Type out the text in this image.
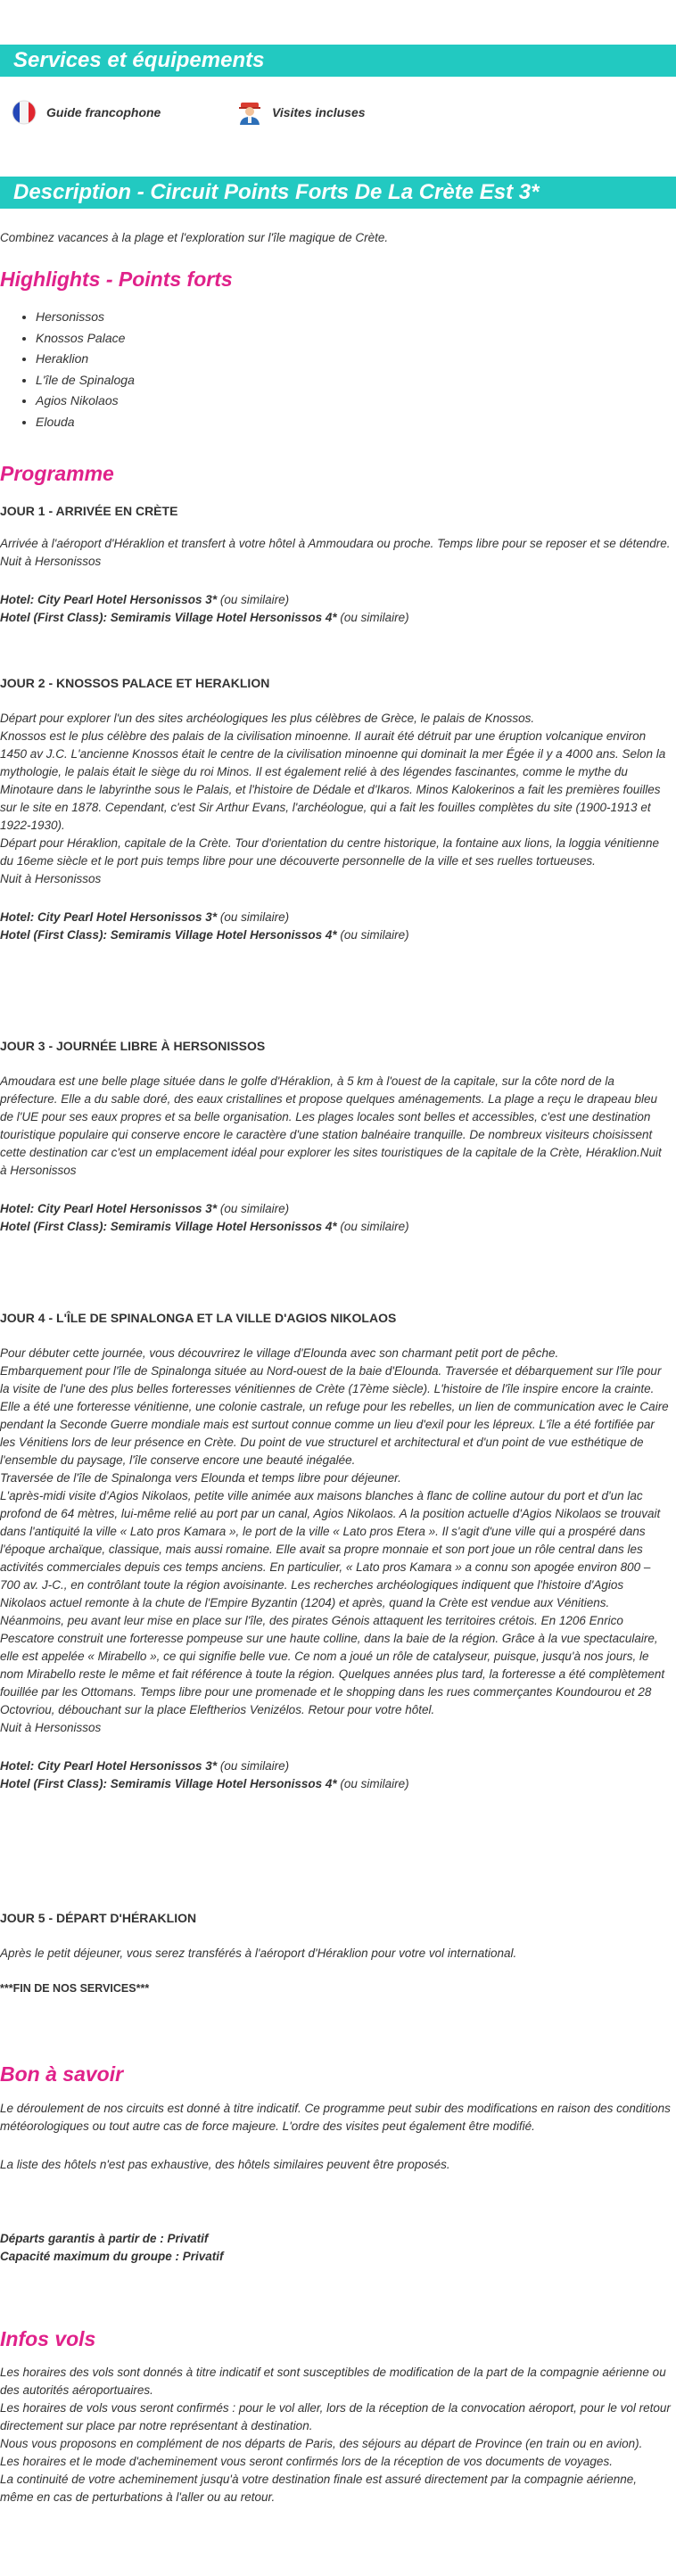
Services et équipements
Guide francophone	Visites incluses
Description - Circuit Points Forts De La Crète Est 3*

Combinez vacances à la plage et l'exploration sur l'île magique de Crète.

Highlights - Points forts
• Hersonissos
• Knossos Palace
• Heraklion
• L'île de Spinaloga
• Agios Nikolaos
• Elouda
Programme
JOUR 1 - ARRIVÉE EN CRÈTE

Arrivée à l'aéroport d'Héraklion et transfert à votre hôtel à Ammoudara ou proche. Temps libre pour se reposer et se détendre. Nuit à Hersonissos

Hotel: City Pearl Hotel Hersonissos 3* (ou similaire)

Hotel (First Class): Semiramis Village Hotel Hersonissos 4* (ou similaire)

JOUR 2 - KNOSSOS PALACE ET HERAKLION

Départ pour explorer l'un des sites archéologiques les plus célèbres de Grèce, le palais de Knossos.

Knossos est le plus célèbre des palais de la civilisation minoenne. Il aurait été détruit par une éruption volcanique environ 1450 av J.C. L'ancienne Knossos était le centre de la civilisation minoenne qui dominait la mer Égée il y a 4000 ans. Selon la mythologie, le palais était le siège du roi Minos. Il est également relié à des légendes fascinantes, comme le mythe du Minotaure dans le labyrinthe sous le Palais, et l'histoire de Dédale et d'Ikaros. Minos Kalokerinos a fait les premières fouilles sur le site en 1878. Cependant, c'est Sir Arthur Evans, l'archéologue, qui a fait les fouilles complètes du site (1900-1913 et 1922-1930).

Départ pour Héraklion, capitale de la Crète. Tour d'orientation du centre historique, la fontaine aux lions, la loggia vénitienne du 16eme siècle et le port puis temps libre pour une découverte personnelle de la ville et ses ruelles tortueuses.

Nuit à Hersonissos

Hotel: City Pearl Hotel Hersonissos 3* (ou similaire)

Hotel (First Class): Semiramis Village Hotel Hersonissos 4* (ou similaire)

JOUR 3 - JOURNÉE LIBRE À HERSONISSOS

Amoudara est une belle plage située dans le golfe d'Héraklion, à 5 km à l'ouest de la capitale, sur la côte nord de la préfecture. Elle a du sable doré, des eaux cristallines et propose quelques aménagements. La plage a reçu le drapeau bleu de l'UE pour ses eaux propres et sa belle organisation. Les plages locales sont belles et accessibles, c'est une destination touristique populaire qui conserve encore le caractère d'une station balnéaire tranquille. De nombreux visiteurs choisissent cette destination car c'est un emplacement idéal pour explorer les sites touristiques de la capitale de la Crète, Héraklion.Nuit à Hersonissos

Hotel: City Pearl Hotel Hersonissos 3* (ou similaire)

Hotel (First Class): Semiramis Village Hotel Hersonissos 4* (ou similaire)

JOUR 4 - L'ÎLE DE SPINALONGA ET LA VILLE D'AGIOS NIKOLAOS

Pour débuter cette journée, vous découvrirez le village d'Elounda avec son charmant petit port de pêche.

Embarquement pour l'île de Spinalonga située au Nord-ouest de la baie d'Elounda. Traversée et débarquement sur l'île pour la visite de l'une des plus belles forteresses vénitiennes de Crète (17ème siècle). L'histoire de l'île inspire encore la crainte. Elle a été une forteresse vénitienne, une colonie castrale, un refuge pour les rebelles, un lien de communication avec le Caire pendant la Seconde Guerre mondiale mais est surtout connue comme un lieu d'exil pour les lépreux. L'île a été fortifiée par les Vénitiens lors de leur présence en Crète. Du point de vue structurel et architectural et d'un point de vue esthétique de l'ensemble du paysage, l'île conserve encore une beauté inégalée.

Traversée de l'île de Spinalonga vers Elounda et temps libre pour déjeuner.

L'après-midi visite d'Agios Nikolaos, petite ville animée aux maisons blanches à flanc de colline autour du port et d'un lac profond de 64 mètres, lui-même relié au port par un canal, Agios Nikolaos. A la position actuelle d'Agios Nikolaos se trouvait dans l'antiquité la ville « Lato pros Kamara », le port de la ville « Lato pros Etera ». Il s'agit d'une ville qui a prospéré dans l'époque archaïque, classique, mais aussi romaine. Elle avait sa propre monnaie et son port joue un rôle central dans les activités commerciales depuis ces temps anciens. En particulier, « Lato pros Kamara » a connu son apogée environ 800 – 700 av. J-C., en contrôlant toute la région avoisinante. Les recherches archéologiques indiquent que l'histoire d'Agios Nikolaos actuel remonte à la chute de l'Empire Byzantin (1204) et après, quand la Crète est vendue aux Vénitiens. Néanmoins, peu avant leur mise en place sur l'île, des pirates Génois attaquent les territoires crétois. En 1206 Enrico Pescatore construit une forteresse pompeuse sur une haute colline, dans la baie de la région. Grâce à la vue spectaculaire, elle est appelée « Mirabello », ce qui signifie belle vue. Ce nom a joué un rôle de catalyseur, puisque, jusqu'à nos jours, le nom Mirabello reste le même et fait référence à toute la région. Quelques années plus tard, la forteresse a été complètement fouillée par les Ottomans. Temps libre pour une promenade et le shopping dans les rues commerçantes Koundourou et 28 Octovriou, débouchant sur la place Eleftherios Venizélos. Retour pour votre hôtel.

Nuit à Hersonissos

Hotel: City Pearl Hotel Hersonissos 3* (ou similaire)

Hotel (First Class): Semiramis Village Hotel Hersonissos 4* (ou similaire)

JOUR 5 - DÉPART D'HÉRAKLION

Après le petit déjeuner, vous serez transférés à l'aéroport d'Héraklion pour votre vol international.

***FIN DE NOS SERVICES***
Bon à savoir

Le déroulement de nos circuits est donné à titre indicatif. Ce programme peut subir des modifications en raison des conditions météorologiques ou tout autre cas de force majeure. L'ordre des visites peut également être modifié.

La liste des hôtels n'est pas exhaustive, des hôtels similaires peuvent être proposés.

Départs garantis à partir de : Privatif

Capacité maximum du groupe : Privatif

Infos vols

Les horaires des vols sont donnés à titre indicatif et sont susceptibles de modification de la part de la compagnie aérienne ou des autorités aéroportuaires.

Les horaires de vols vous seront confirmés : pour le vol aller, lors de la réception de la convocation aéroport, pour le vol retour directement sur place par notre représentant à destination.

Nous vous proposons en complément de nos départs de Paris, des séjours au départ de Province (en train ou en avion).

Les horaires et le mode d'acheminement vous seront confirmés lors de la réception de vos documents de voyages.

La continuité de votre acheminement jusqu'à votre destination finale est assuré directement par la compagnie aérienne, même en cas de perturbations à l'aller ou au retour.
